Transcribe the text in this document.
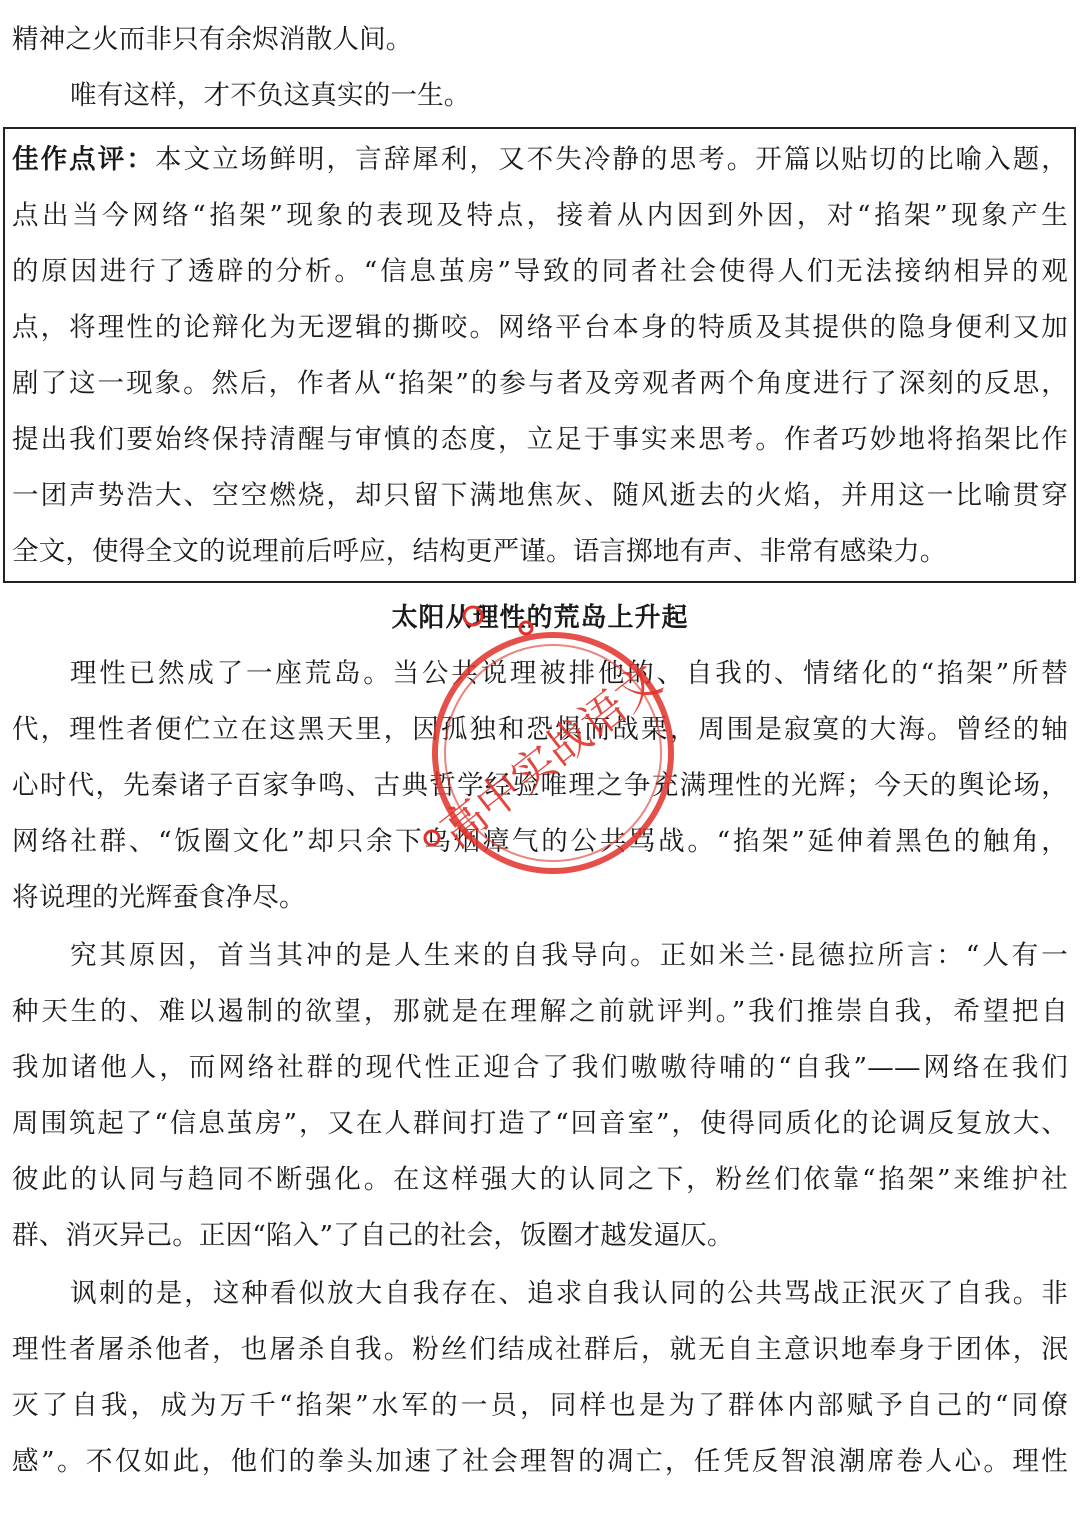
精神之火而非只有余烬消散人间。
唯有这样，才不负这真实的一生。
佳作点评：本文立场鲜明，言辞犀利，又不失冷静的思考。开篇以贴切的比喻入题，
点出当今网络“掐架”现象的表现及特点，接着从内因到外因，对“掐架”现象产生
的原因进行了透辟的分析。“信息茧房”导致的同者社会使得人们无法接纳相异的观
点，将理性的论辩化为无逻辑的撕咬。网络平台本身的特质及其提供的隐身便利又加
剧了这一现象。然后，作者从“掐架”的参与者及旁观者两个角度进行了深刻的反思，
提出我们要始终保持清醒与审慎的态度，立足于事实来思考。作者巧妙地将掐架比作
一团声势浩大、空空燃烧，却只留下满地焦灰、随风逝去的火焰，并用这一比喻贯穿
全文，使得全文的说理前后呼应，结构更严谨。语言掷地有声、非常有感染力。
太阳从理性的荒岛上升起
理性已然成了一座荒岛。当公共说理被排他的、自我的、情绪化的“掐架”所替
代，理性者便伫立在这黑天里，因孤独和恐惧而战栗，周围是寂寞的大海。曾经的轴
心时代，先秦诸子百家争鸣、古典哲学经验唯理之争充满理性的光辉；今天的舆论场，
网络社群、“饭圈文化”却只余下乌烟瘴气的公共骂战。“掐架”延伸着黑色的触角，
将说理的光辉蚕食净尽。
究其原因，首当其冲的是人生来的自我导向。正如米兰·昆德拉所言：“人有一
种天生的、难以遏制的欲望，那就是在理解之前就评判。”我们推崇自我，希望把自
我加诸他人，而网络社群的现代性正迎合了我们嗷嗷待哺的“自我”——网络在我们
周围筑起了“信息茧房”，又在人群间打造了“回音室”，使得同质化的论调反复放大、
彼此的认同与趋同不断强化。在这样强大的认同之下，粉丝们依靠“掐架”来维护社
群、消灭异己。正因“陷入”了自己的社会，饭圈才越发逼仄。
讽刺的是，这种看似放大自我存在、追求自我认同的公共骂战正泯灭了自我。非
理性者屠杀他者，也屠杀自我。粉丝们结成社群后，就无自主意识地奉身于团体，泯
灭了自我，成为万千“掐架”水军的一员，同样也是为了群体内部赋予自己的“同僚
感”。不仅如此，他们的拳头加速了社会理智的凋亡，任凭反智浪潮席卷人心。理性
高中实战语文
